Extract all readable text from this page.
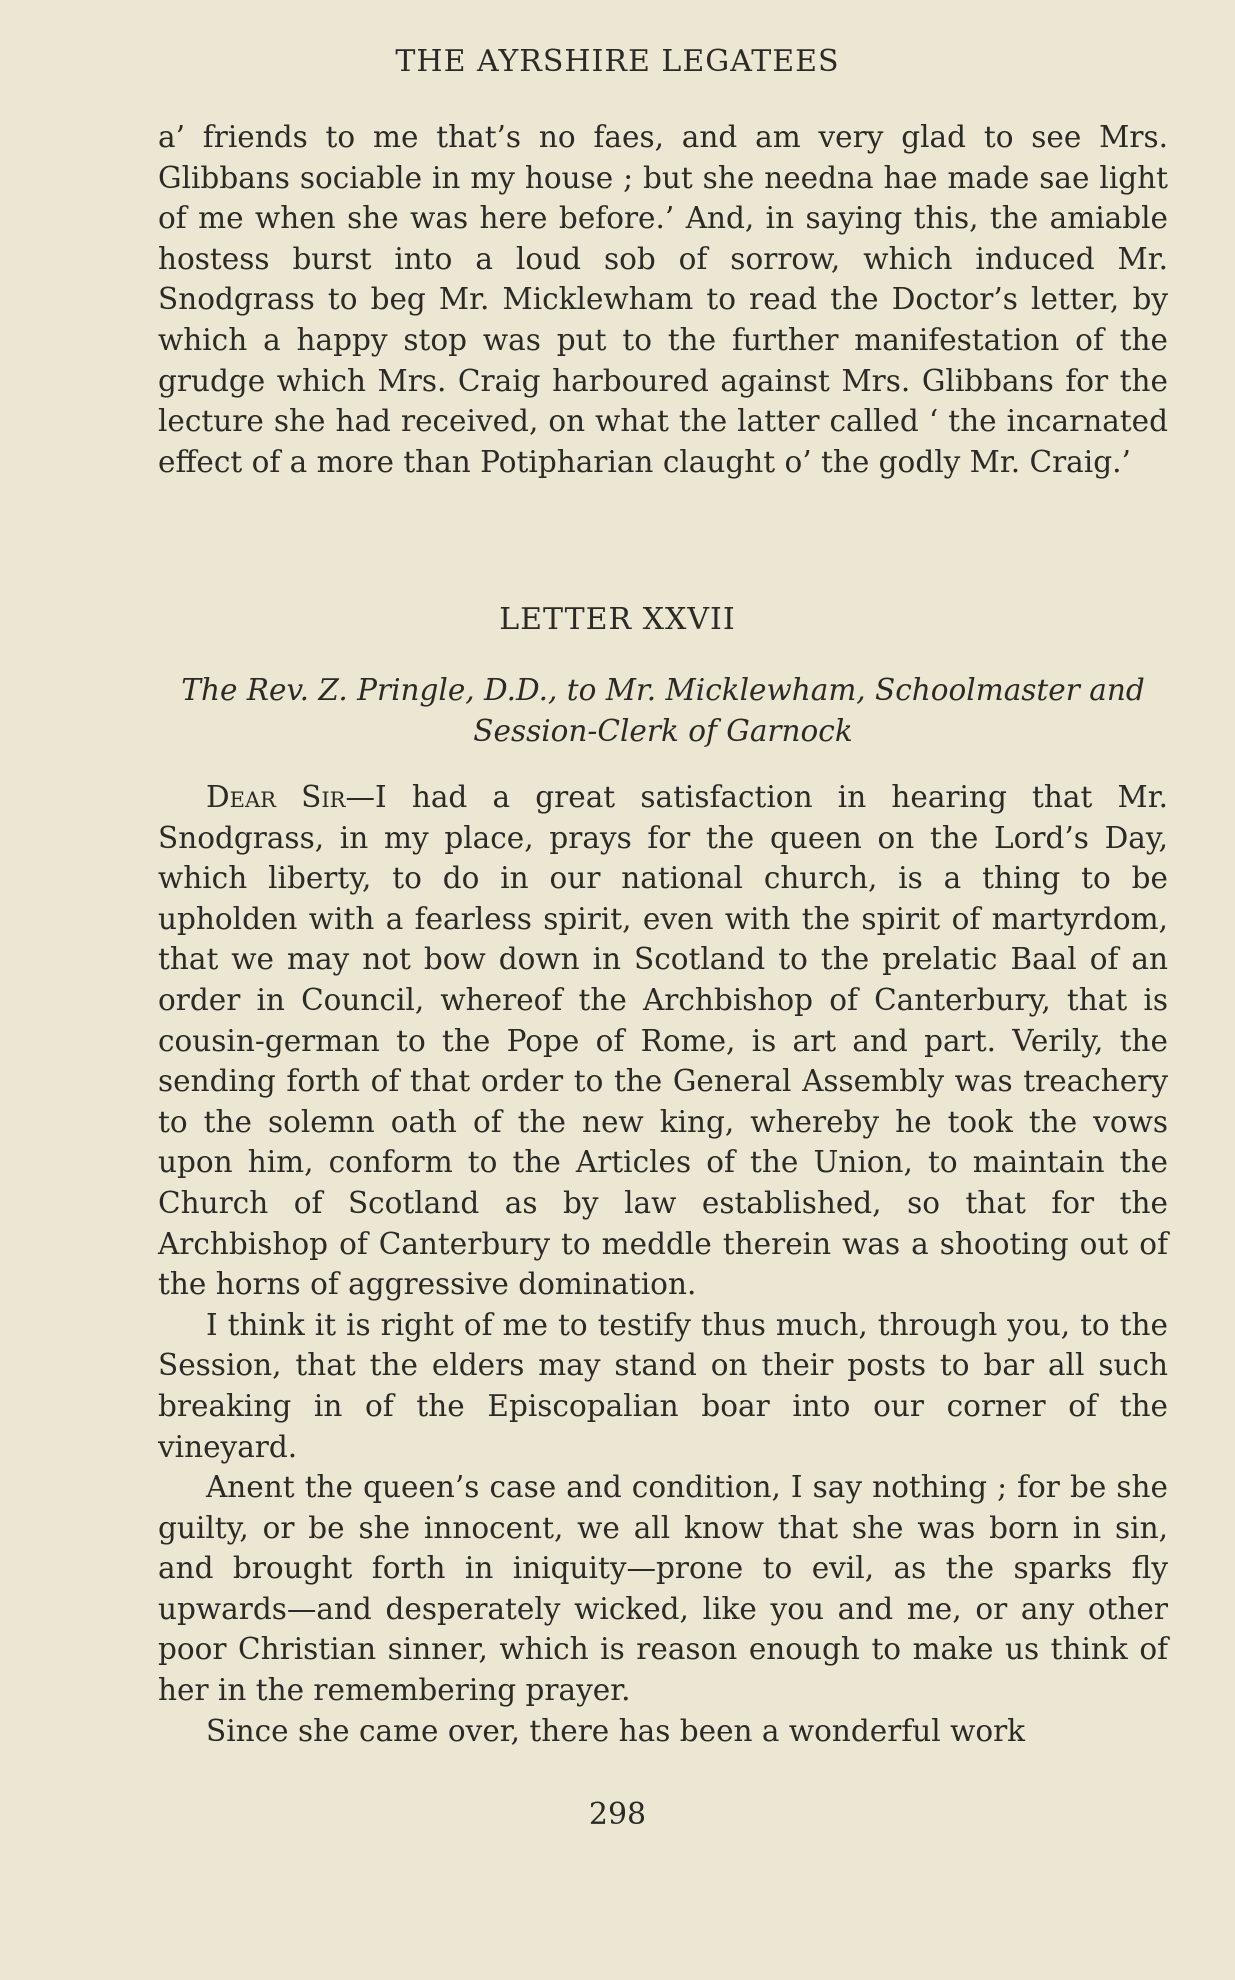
THE AYRSHIRE LEGATEES

a’ friends to me that’s no faes, and am very glad to see Mrs. Glibbans sociable in my house ; but she needna hae made sae light of me when she was here before.’ And, in saying this, the amiable hostess burst into a loud sob of sorrow, which induced Mr. Snodgrass to beg Mr. Micklewham to read the Doctor’s letter, by which a happy stop was put to the further manifestation of the grudge which Mrs. Craig harboured against Mrs. Glibbans for the lecture she had received, on what the latter called ‘ the incarnated effect of a more than Potipharian claught o’ the godly Mr. Craig.’

LETTER XXVII
The Rev. Z. Pringle, D.D., to Mr. Micklewham, Schoolmaster and Session-Clerk of Garnock

Dear Sir—I had a great satisfaction in hearing that Mr. Snodgrass, in my place, prays for the queen on the Lord’s Day, which liberty, to do in our national church, is a thing to be upholden with a fearless spirit, even with the spirit of martyrdom, that we may not bow down in Scotland to the prelatic Baal of an order in Council, whereof the Archbishop of Canterbury, that is cousin-german to the Pope of Rome, is art and part. Verily, the sending forth of that order to the General Assembly was treachery to the solemn oath of the new king, whereby he took the vows upon him, conform to the Articles of the Union, to maintain the Church of Scotland as by law established, so that for the Archbishop of Canterbury to meddle therein was a shooting out of the horns of aggressive domination.

I think it is right of me to testify thus much, through you, to the Session, that the elders may stand on their posts to bar all such breaking in of the Episcopalian boar into our corner of the vineyard.

Anent the queen’s case and condition, I say nothing ; for be she guilty, or be she innocent, we all know that she was born in sin, and brought forth in iniquity—prone to evil, as the sparks fly upwards—and desperately wicked, like you and me, or any other poor Christian sinner, which is reason enough to make us think of her in the remembering prayer.

Since she came over, there has been a wonderful work

298
